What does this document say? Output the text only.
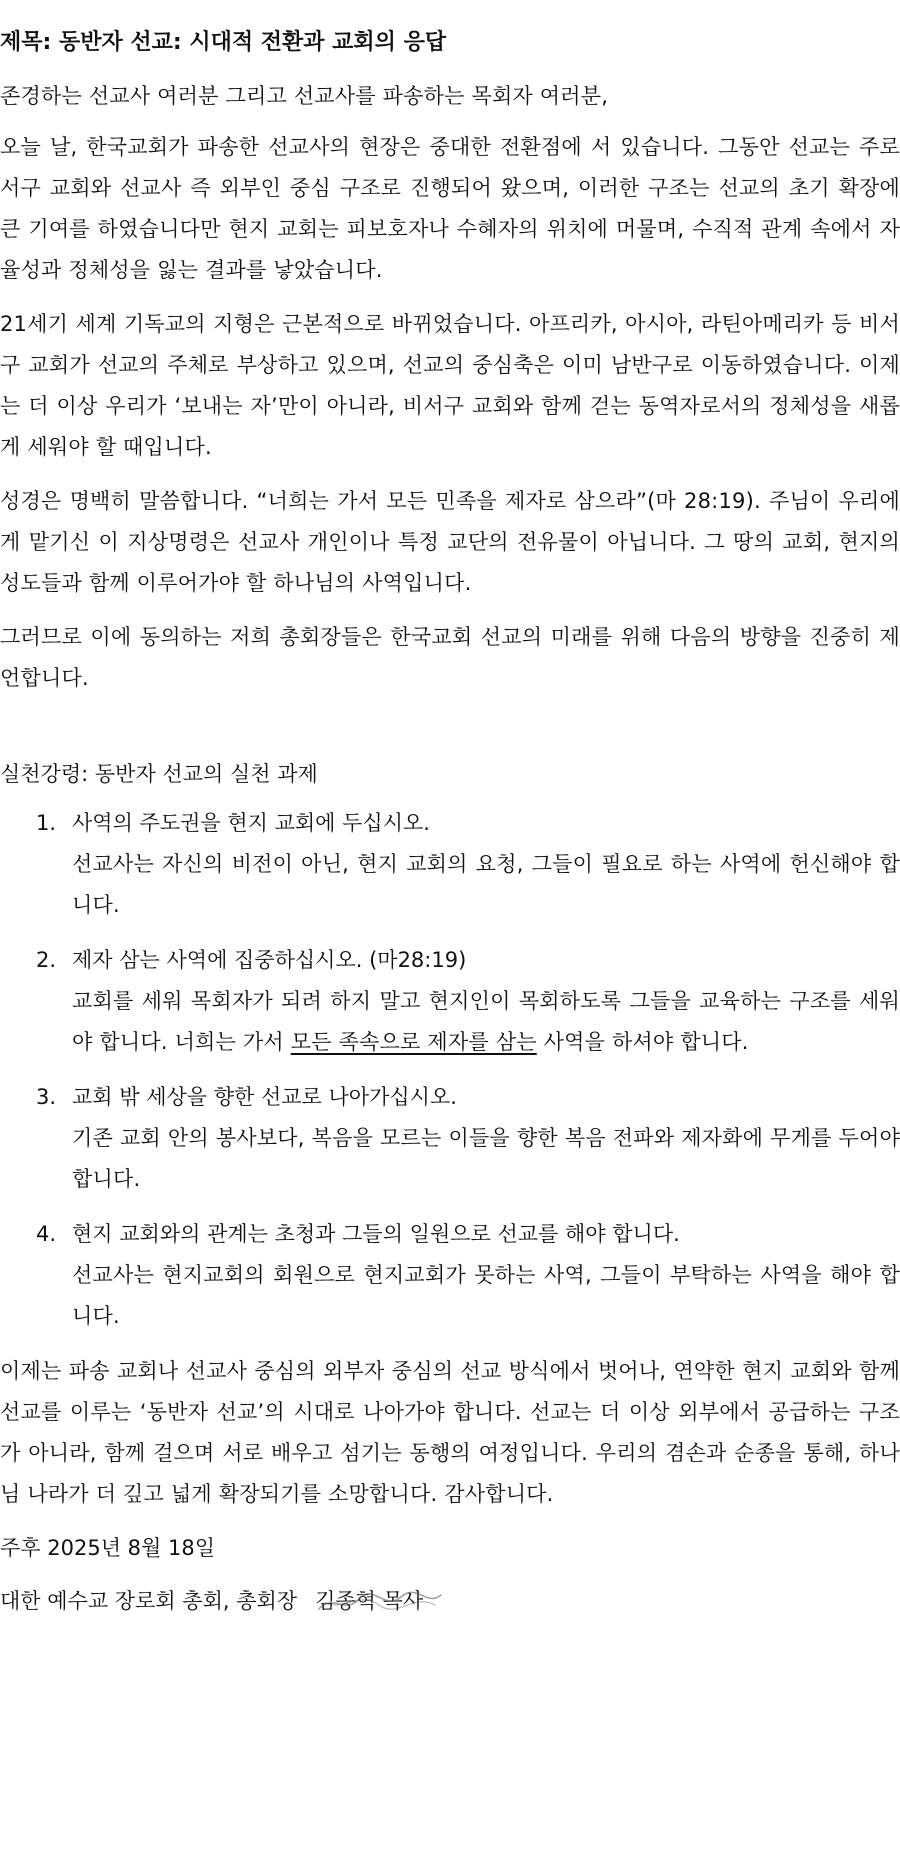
제목: 동반자 선교: 시대적 전환과 교회의 응답

존경하는 선교사 여러분 그리고 선교사를 파송하는 목회자 여러분,

오늘 날, 한국교회가 파송한 선교사의 현장은 중대한 전환점에 서 있습니다. 그동안 선교는 주로 서구 교회와 선교사 즉 외부인 중심 구조로 진행되어 왔으며, 이러한 구조는 선교의 초기 확장에 큰 기여를 하였습니다만 현지 교회는 피보호자나 수혜자의 위치에 머물며, 수직적 관계 속에서 자율성과 정체성을 잃는 결과를 낳았습니다.

21세기 세계 기독교의 지형은 근본적으로 바뀌었습니다. 아프리카, 아시아, 라틴아메리카 등 비서구 교회가 선교의 주체로 부상하고 있으며, 선교의 중심축은 이미 남반구로 이동하였습니다. 이제는 더 이상 우리가 ‘보내는 자’만이 아니라, 비서구 교회와 함께 걷는 동역자로서의 정체성을 새롭게 세워야 할 때입니다.

성경은 명백히 말씀합니다. “너희는 가서 모든 민족을 제자로 삼으라”(마 28:19). 주님이 우리에게 맡기신 이 지상명령은 선교사 개인이나 특정 교단의 전유물이 아닙니다. 그 땅의 교회, 현지의 성도들과 함께 이루어가야 할 하나님의 사역입니다.

그러므로 이에 동의하는 저희 총회장들은 한국교회 선교의 미래를 위해 다음의 방향을 진중히 제언합니다.

실천강령: 동반자 선교의 실천 과제
1. 사역의 주도권을 현지 교회에 두십시오.
선교사는 자신의 비전이 아닌, 현지 교회의 요청, 그들이 필요로 하는 사역에 헌신해야 합니다.
2. 제자 삼는 사역에 집중하십시오. (마28:19)
교회를 세워 목회자가 되려 하지 말고 현지인이 목회하도록 그들을 교육하는 구조를 세워야 합니다. 너희는 가서 모든 족속으로 제자를 삼는 사역을 하셔야 합니다.
3. 교회 밖 세상을 향한 선교로 나아가십시오.
기존 교회 안의 봉사보다, 복음을 모르는 이들을 향한 복음 전파와 제자화에 무게를 두어야 합니다.
4. 현지 교회와의 관계는 초청과 그들의 일원으로 선교를 해야 합니다.
선교사는 현지교회의 회원으로 현지교회가 못하는 사역, 그들이 부탁하는 사역을 해야 합니다.

이제는 파송 교회나 선교사 중심의 외부자 중심의 선교 방식에서 벗어나, 연약한 현지 교회와 함께 선교를 이루는 ‘동반자 선교’의 시대로 나아가야 합니다. 선교는 더 이상 외부에서 공급하는 구조가 아니라, 함께 걸으며 서로 배우고 섬기는 동행의 여정입니다. 우리의 겸손과 순종을 통해, 하나님 나라가 더 깊고 넓게 확장되기를 소망합니다. 감사합니다.

주후 2025년 8월 18일
대한 예수교 장로회 총회, 총회장 김종혁 목사
